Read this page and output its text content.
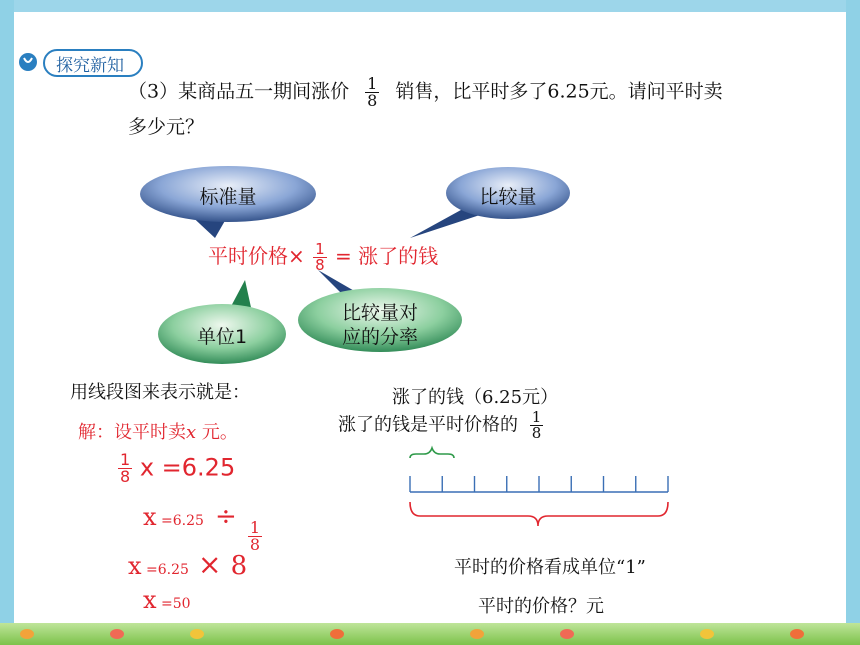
探究新知
（3）某商品五一期间涨价 $\frac{1}{8}$ 销售，比平时多了6.25元。请问平时卖
多少元？
标准量	比较量
单位1
比较量对
应的分率
平时价格× $\frac{1}{8}$ = 涨了的钱
用线段图来表示就是：
解：设平时卖x 元。
$\frac{1}{8}$ x =6.25
x =6.25 ÷
$\frac{1}{8}$
x =6.25 × 8
x =50
涨了的钱（6.25元）
涨了的钱是平时价格的 $\frac{1}{8}$
平时的价格看成单位“1”
平时的价格？元
